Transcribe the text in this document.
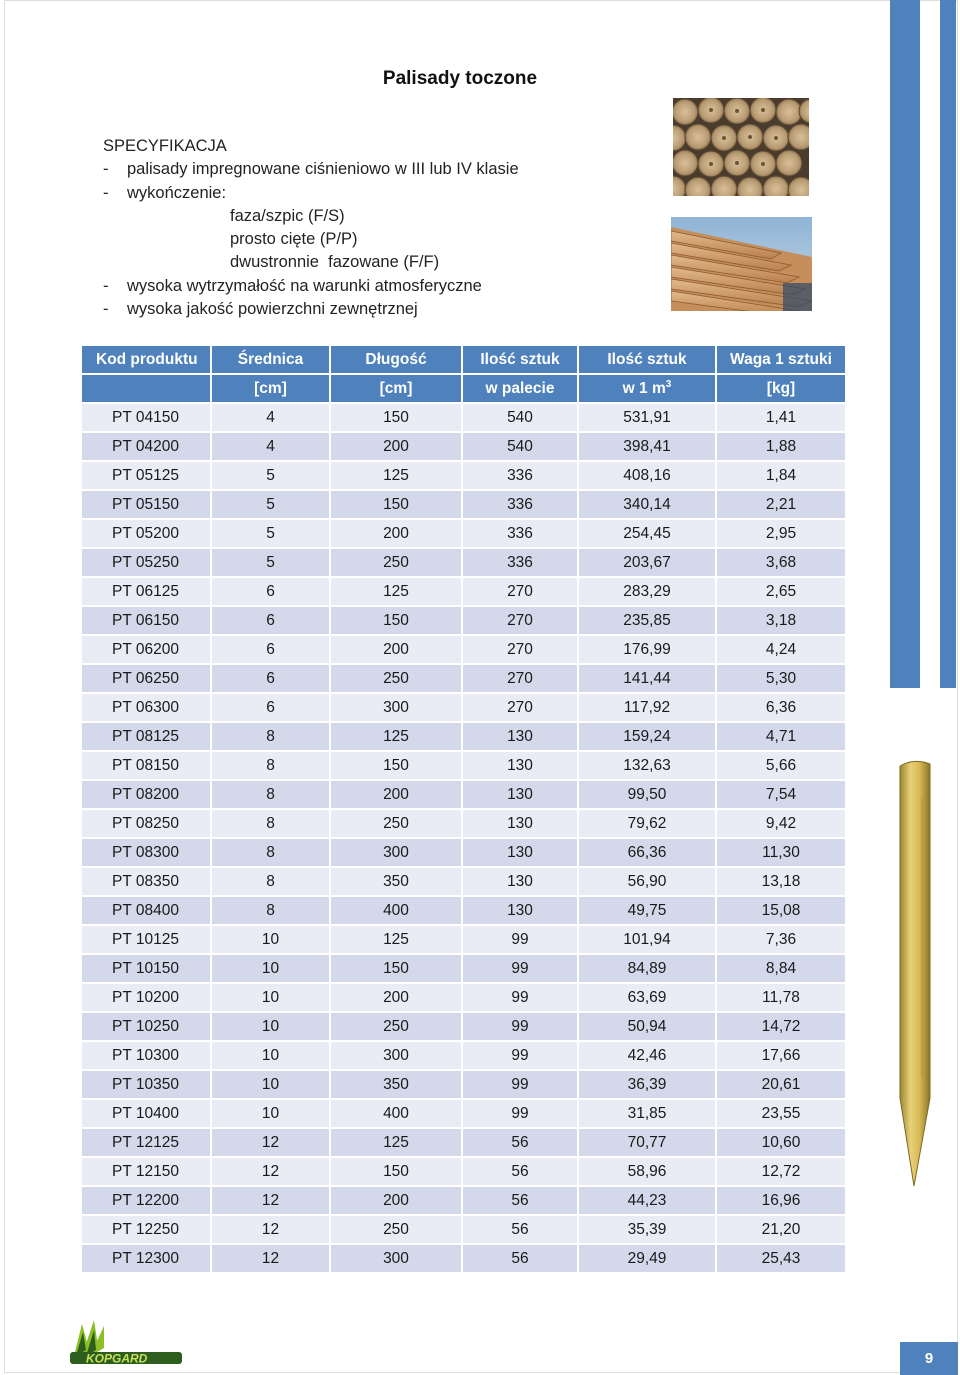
Palisady toczone
SPECYFIKACJA
- palisady impregnowane ciśnieniowo w III lub IV klasie
- wykończenie:
faza/szpic (F/S)
prosto cięte (P/P)
dwustronnie  fazowane (F/F)
- wysoka wytrzymałość na warunki atmosferyczne
- wysoka jakość powierzchni zewnętrznej
Kod produktu	Średnica	Długość	Ilość sztuk	Ilość sztuk	Waga 1 sztuki
	[cm]	[cm]	w palecie	w 1 $m^3$	[kg]
PT 04150	4	150	540	531,91	1,41
PT 04200	4	200	540	398,41	1,88
PT 05125	5	125	336	408,16	1,84
PT 05150	5	150	336	340,14	2,21
PT 05200	5	200	336	254,45	2,95
PT 05250	5	250	336	203,67	3,68
PT 06125	6	125	270	283,29	2,65
PT 06150	6	150	270	235,85	3,18
PT 06200	6	200	270	176,99	4,24
PT 06250	6	250	270	141,44	5,30
PT 06300	6	300	270	117,92	6,36
PT 08125	8	125	130	159,24	4,71
PT 08150	8	150	130	132,63	5,66
PT 08200	8	200	130	99,50	7,54
PT 08250	8	250	130	79,62	9,42
PT 08300	8	300	130	66,36	11,30
PT 08350	8	350	130	56,90	13,18
PT 08400	8	400	130	49,75	15,08
PT 10125	10	125	99	101,94	7,36
PT 10150	10	150	99	84,89	8,84
PT 10200	10	200	99	63,69	11,78
PT 10250	10	250	99	50,94	14,72
PT 10300	10	300	99	42,46	17,66
PT 10350	10	350	99	36,39	20,61
PT 10400	10	400	99	31,85	23,55
PT 12125	12	125	56	70,77	10,60
PT 12150	12	150	56	58,96	12,72
PT 12200	12	200	56	44,23	16,96
PT 12250	12	250	56	35,39	21,20
PT 12300	12	300	56	29,49	25,43
KOPGARD	9
